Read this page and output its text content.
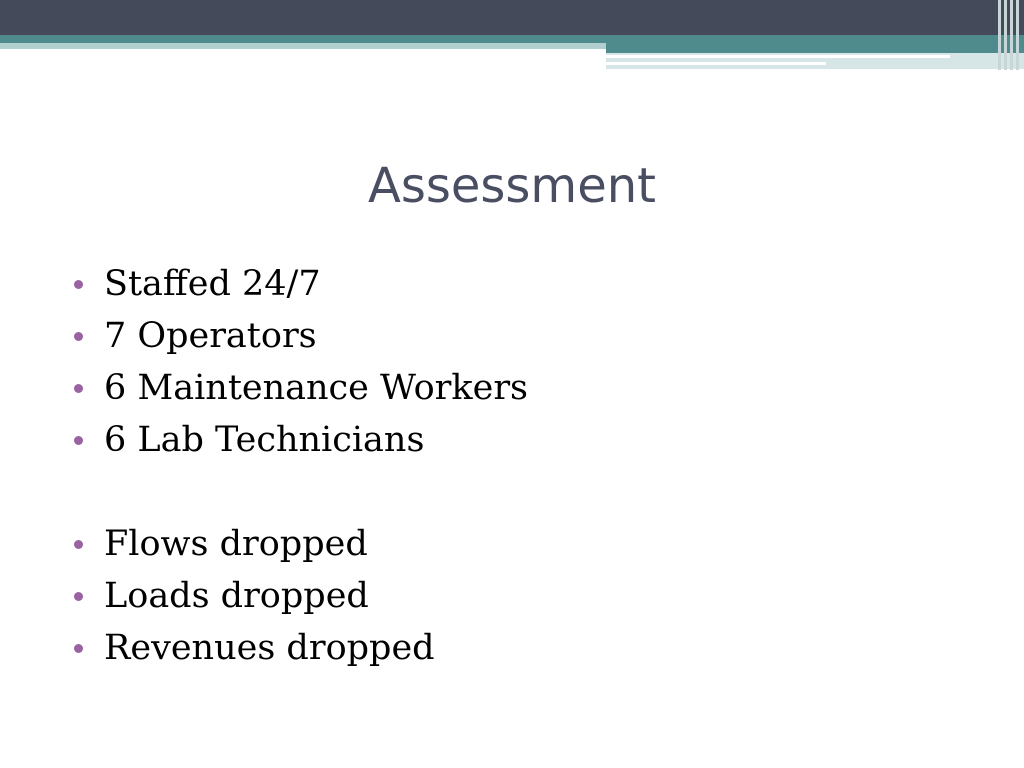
Assessment
Staffed 24/7
7 Operators
6 Maintenance Workers
6 Lab Technicians
Flows dropped
Loads dropped
Revenues dropped
